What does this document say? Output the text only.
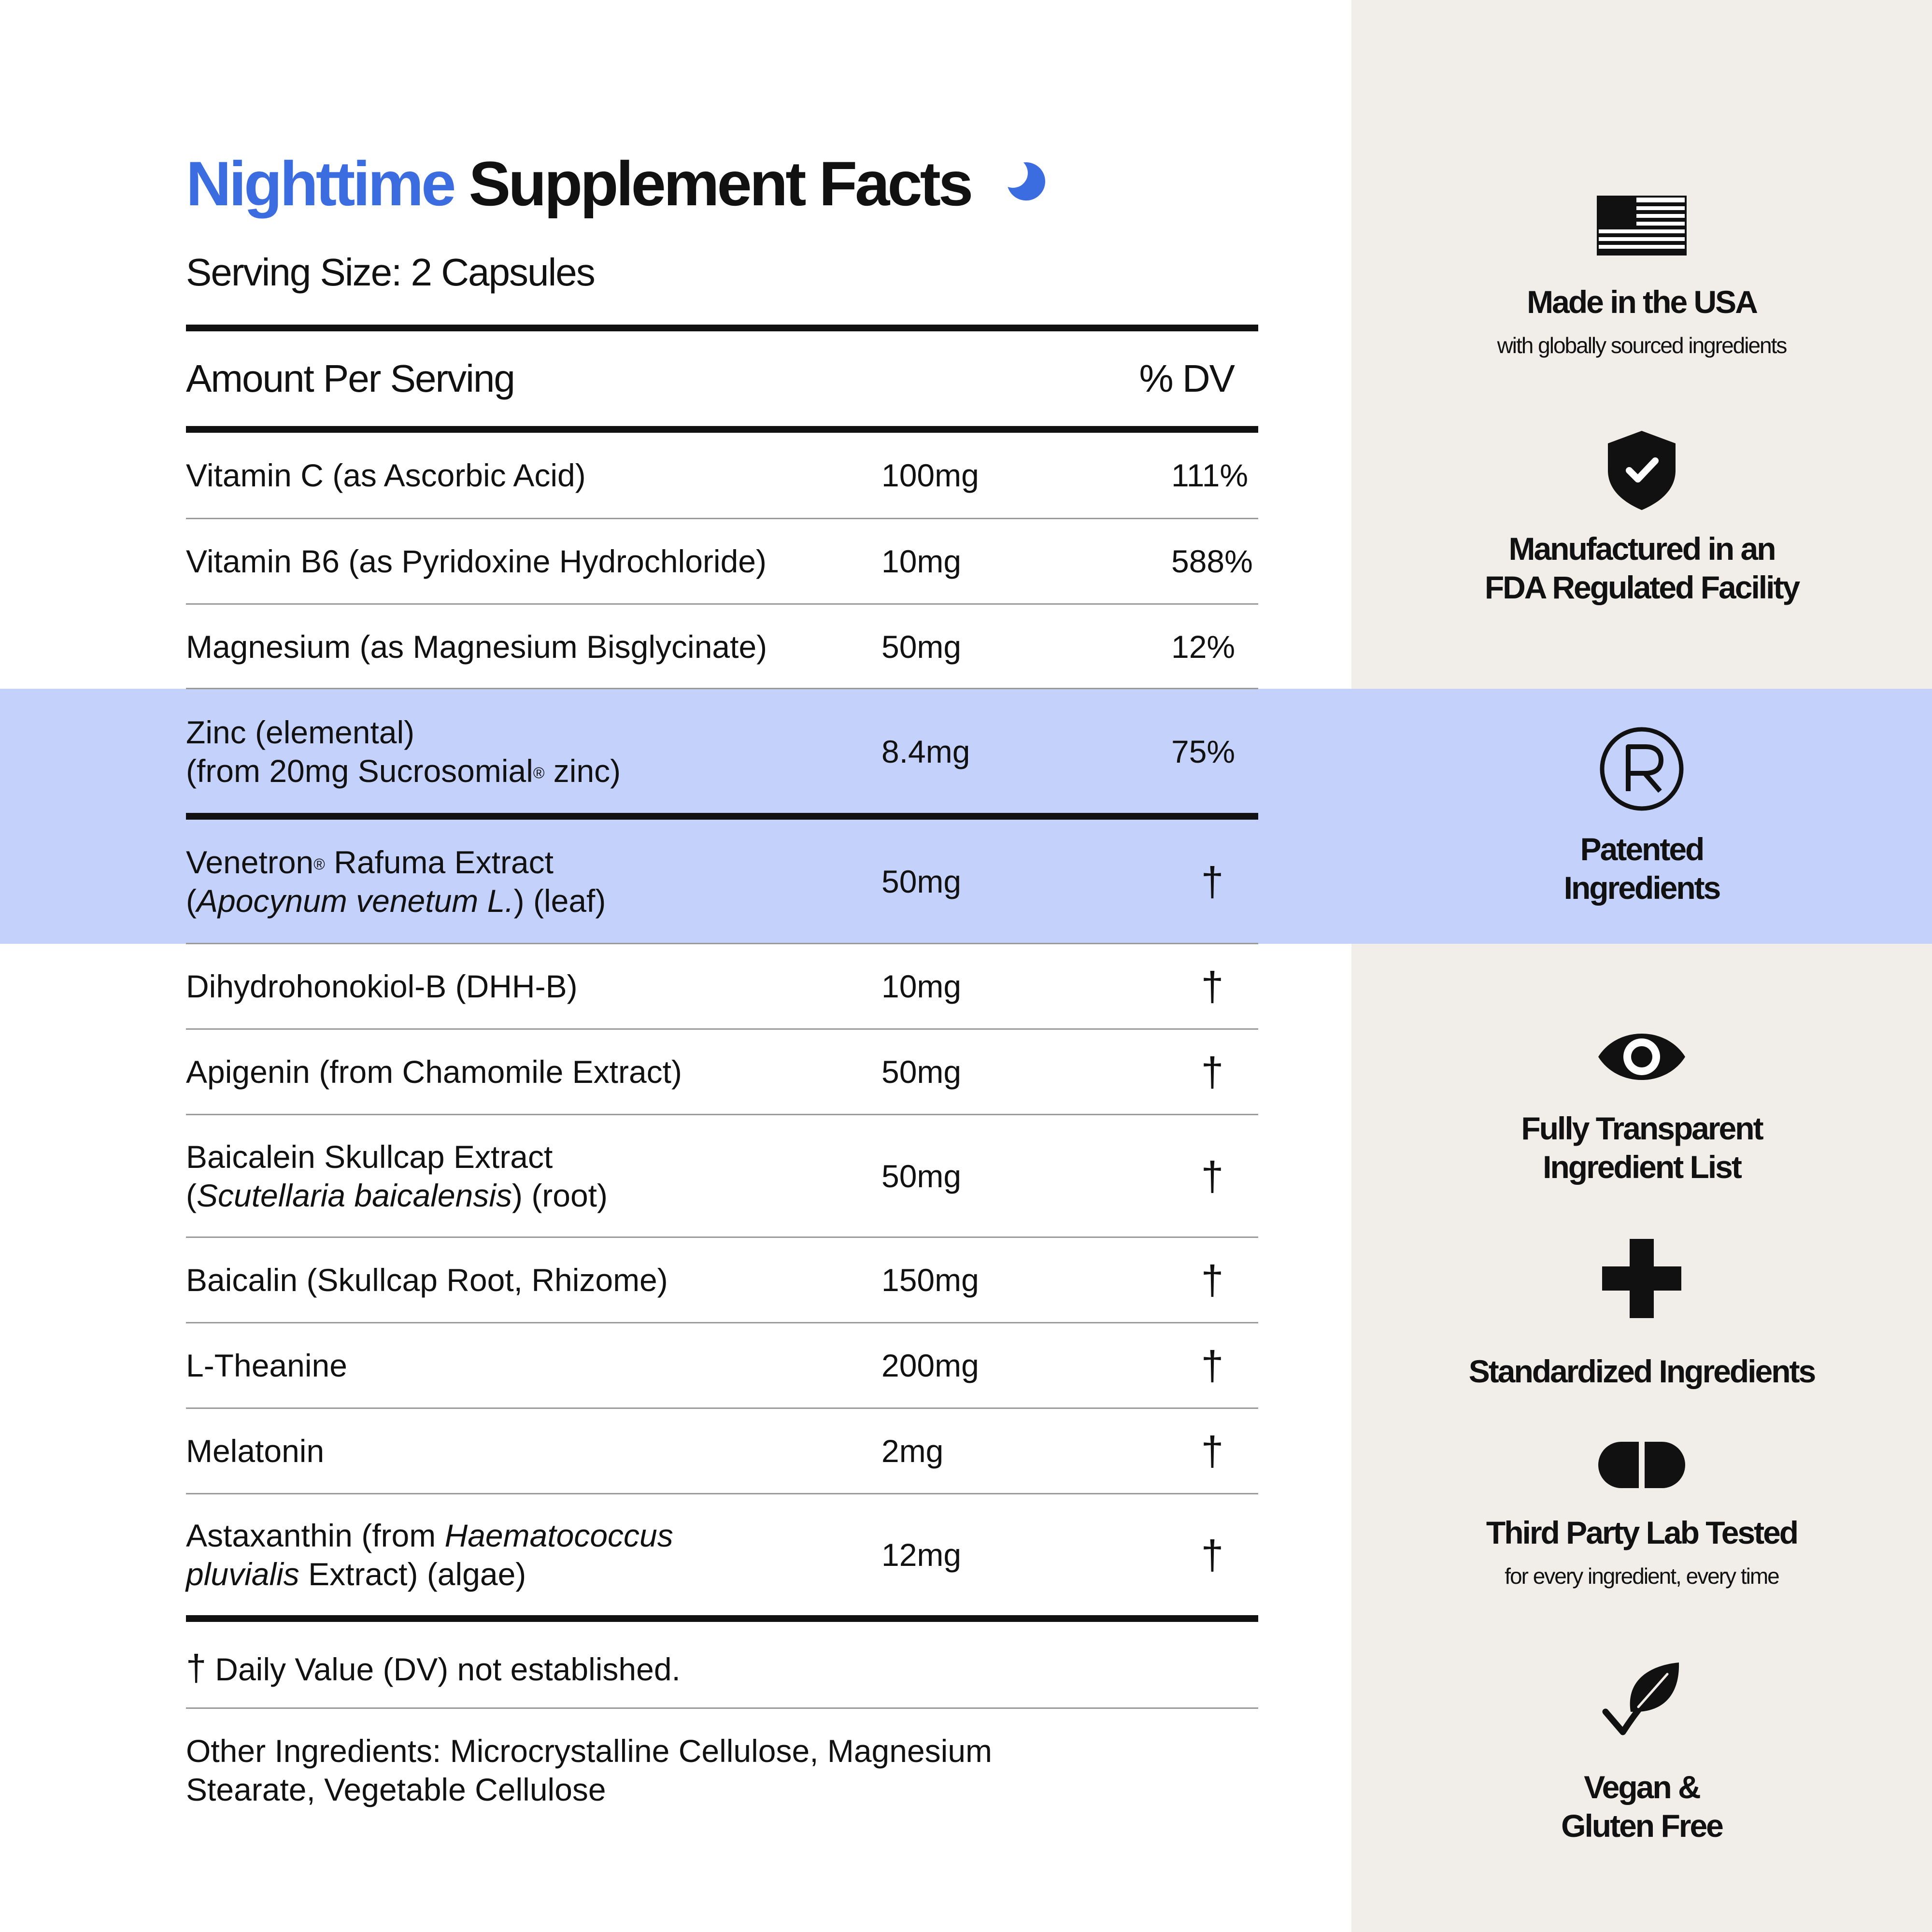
Nighttime Supplement Facts
Serving Size: 2 Capsules
Amount Per Serving	% DV
Vitamin C (as Ascorbic Acid)	100mg	111%
Vitamin B6 (as Pyridoxine Hydrochloride)	10mg	588%
Magnesium (as Magnesium Bisglycinate)	50mg	12%
Zinc (elemental)
(from 20mg Sucrosomial® zinc)
8.4mg	75%
Venetron® Rafuma Extract
(Apocynum venetum L.) (leaf)
50mg	†
Dihydrohonokiol-B (DHH-B)	10mg	†
Apigenin (from Chamomile Extract)	50mg	†
Baicalein Skullcap Extract
(Scutellaria baicalensis) (root)
50mg	†
Baicalin (Skullcap Root, Rhizome)	150mg	†
L-Theanine	200mg	†
Melatonin	2mg	†
Astaxanthin (from Haematococcus
pluvialis Extract) (algae)
12mg	†
† Daily Value (DV) not established.
Other Ingredients: Microcrystalline Cellulose, Magnesium Stearate, Vegetable Cellulose
Made in the USA
with globally sourced ingredients
Manufactured in an
FDA Regulated Facility
Patented
Ingredients
Fully Transparent
Ingredient List
Standardized Ingredients
Third Party Lab Tested
for every ingredient, every time
Vegan &
Gluten Free
